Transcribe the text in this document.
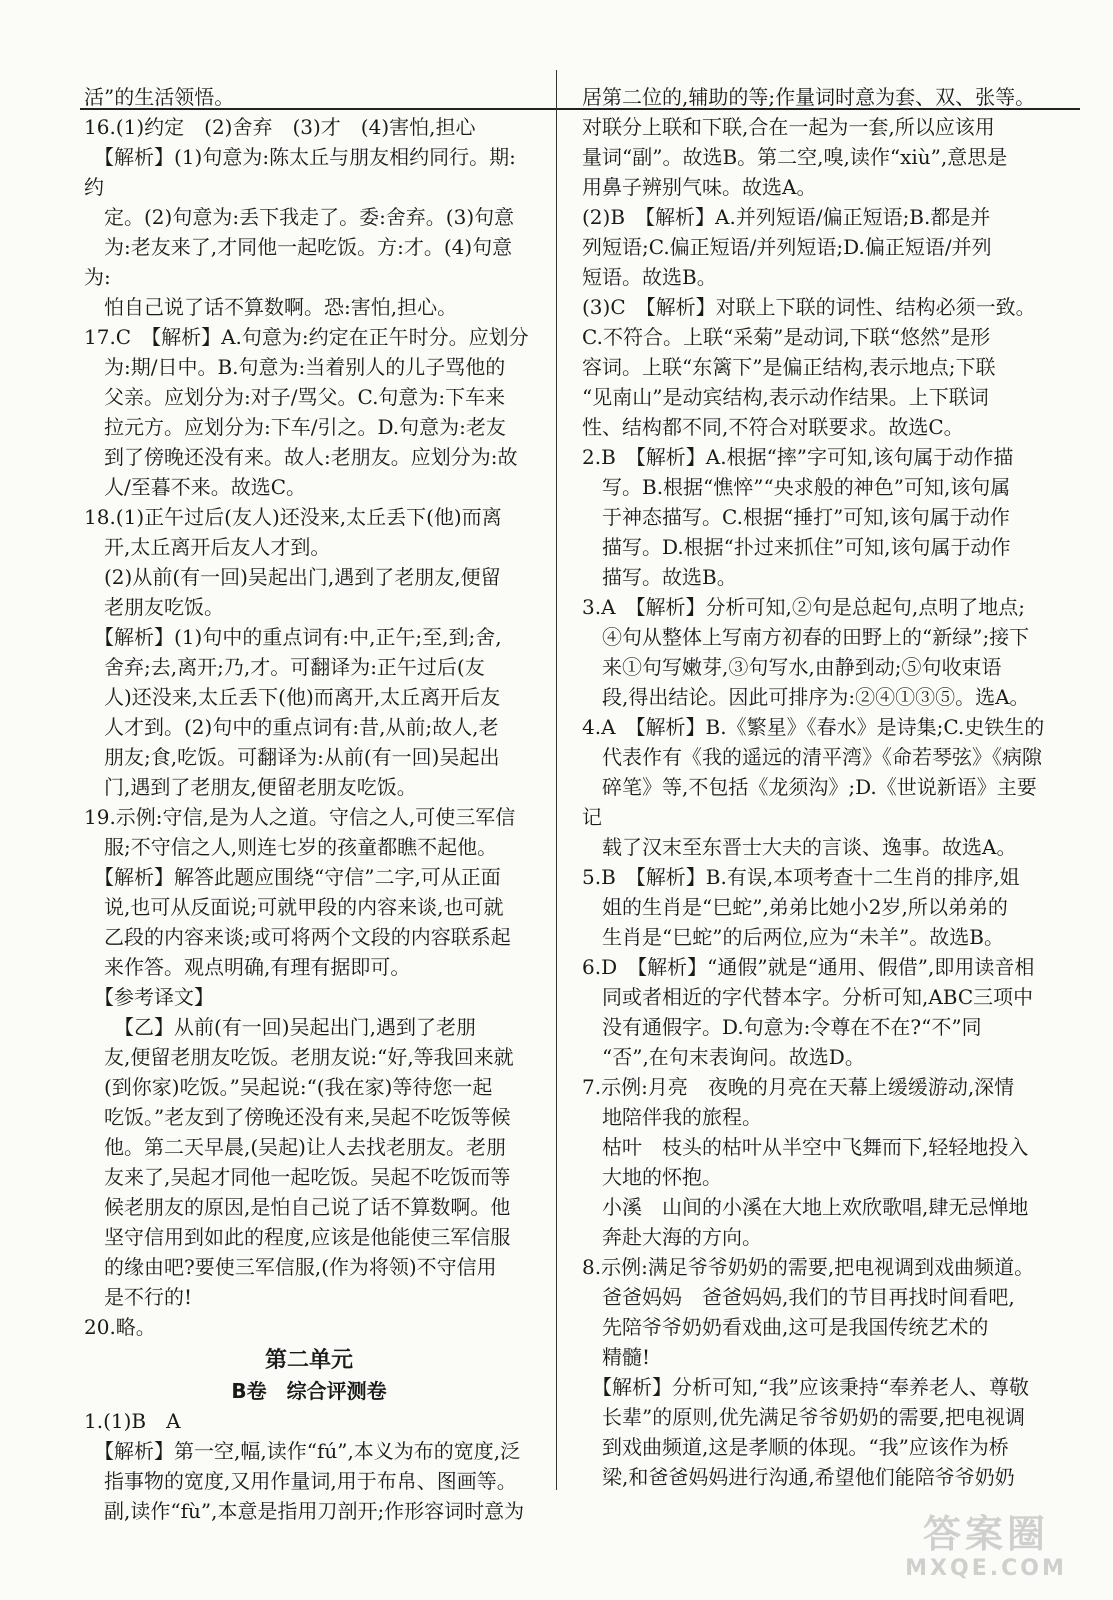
活”的生活领悟。

16.(1)约定　(2)舍弃　(3)才　(4)害怕,担心

　【解析】(1)句意为:陈太丘与朋友相约同行。期:约

　定。(2)句意为:丢下我走了。委:舍弃。(3)句意

　为:老友来了,才同他一起吃饭。方:才。(4)句意为:

　怕自己说了话不算数啊。恐:害怕,担心。

17.C　【解析】A.句意为:约定在正午时分。应划分

　为:期/日中。B.句意为:当着别人的儿子骂他的

　父亲。应划分为:对子/骂父。C.句意为:下车来

　拉元方。应划分为:下车/引之。D.句意为:老友

　到了傍晚还没有来。故人:老朋友。应划分为:故

　人/至暮不来。故选C。

18.(1)正午过后(友人)还没来,太丘丢下(他)而离

　开,太丘离开后友人才到。

　(2)从前(有一回)吴起出门,遇到了老朋友,便留

　老朋友吃饭。

　【解析】(1)句中的重点词有:中,正午;至,到;舍,

　舍弃;去,离开;乃,才。可翻译为:正午过后(友

　人)还没来,太丘丢下(他)而离开,太丘离开后友

　人才到。(2)句中的重点词有:昔,从前;故人,老

　朋友;食,吃饭。可翻译为:从前(有一回)吴起出

　门,遇到了老朋友,便留老朋友吃饭。

19.示例:守信,是为人之道。守信之人,可使三军信

　服;不守信之人,则连七岁的孩童都瞧不起他。

　【解析】解答此题应围绕“守信”二字,可从正面

　说,也可从反面说;可就甲段的内容来谈,也可就

　乙段的内容来谈;或可将两个文段的内容联系起

　来作答。观点明确,有理有据即可。

　【参考译文】

　　【乙】从前(有一回)吴起出门,遇到了老朋

　友,便留老朋友吃饭。老朋友说:“好,等我回来就

　(到你家)吃饭。”吴起说:“(我在家)等待您一起

　吃饭。”老友到了傍晚还没有来,吴起不吃饭等候

　他。第二天早晨,(吴起)让人去找老朋友。老朋

　友来了,吴起才同他一起吃饭。吴起不吃饭而等

　候老朋友的原因,是怕自己说了话不算数啊。他

　坚守信用到如此的程度,应该是他能使三军信服

　的缘由吧?要使三军信服,(作为将领)不守信用

　是不行的!

20.略。

第二单元

B卷　综合评测卷

1.(1)B　A

　【解析】第一空,幅,读作“fú”,本义为布的宽度,泛

　指事物的宽度,又用作量词,用于布帛、图画等。

　副,读作“fù”,本意是指用刀剖开;作形容词时意为

居第二位的,辅助的等;作量词时意为套、双、张等。

对联分上联和下联,合在一起为一套,所以应该用

量词“副”。故选B。第二空,嗅,读作“xiù”,意思是

用鼻子辨别气味。故选A。

(2)B　【解析】A.并列短语/偏正短语;B.都是并

列短语;C.偏正短语/并列短语;D.偏正短语/并列

短语。故选B。

(3)C　【解析】对联上下联的词性、结构必须一致。

C.不符合。上联“采菊”是动词,下联“悠然”是形

容词。上联“东篱下”是偏正结构,表示地点;下联

“见南山”是动宾结构,表示动作结果。上下联词

性、结构都不同,不符合对联要求。故选C。

2.B　【解析】A.根据“摔”字可知,该句属于动作描

　写。B.根据“憔悴”“央求般的神色”可知,该句属

　于神态描写。C.根据“捶打”可知,该句属于动作

　描写。D.根据“扑过来抓住”可知,该句属于动作

　描写。故选B。

3.A　【解析】分析可知,②句是总起句,点明了地点;

　④句从整体上写南方初春的田野上的“新绿”;接下

　来①句写嫩芽,③句写水,由静到动;⑤句收束语

　段,得出结论。因此可排序为:②④①③⑤。选A。

4.A　【解析】B.《繁星》《春水》是诗集;C.史铁生的

　代表作有《我的遥远的清平湾》《命若琴弦》《病隙

　碎笔》等,不包括《龙须沟》;D.《世说新语》主要记

　载了汉末至东晋士大夫的言谈、逸事。故选A。

5.B　【解析】B.有误,本项考查十二生肖的排序,姐

　姐的生肖是“巳蛇”,弟弟比她小2岁,所以弟弟的

　生肖是“巳蛇”的后两位,应为“未羊”。故选B。

6.D　【解析】“通假”就是“通用、假借”,即用读音相

　同或者相近的字代替本字。分析可知,ABC三项中

　没有通假字。D.句意为:令尊在不在?“不”同

　“否”,在句末表询问。故选D。

7.示例:月亮　夜晚的月亮在天幕上缓缓游动,深情

　地陪伴我的旅程。

　枯叶　枝头的枯叶从半空中飞舞而下,轻轻地投入

　大地的怀抱。

　小溪　山间的小溪在大地上欢欣歌唱,肆无忌惮地

　奔赴大海的方向。

8.示例:满足爷爷奶奶的需要,把电视调到戏曲频道。

　爸爸妈妈　爸爸妈妈,我们的节目再找时间看吧,

　先陪爷爷奶奶看戏曲,这可是我国传统艺术的

　精髓!

　【解析】分析可知,“我”应该秉持“奉养老人、尊敬

　长辈”的原则,优先满足爷爷奶奶的需要,把电视调

　到戏曲频道,这是孝顺的体现。“我”应该作为桥

　梁,和爸爸妈妈进行沟通,希望他们能陪爷爷奶奶

答案圈
MXQE.COM
